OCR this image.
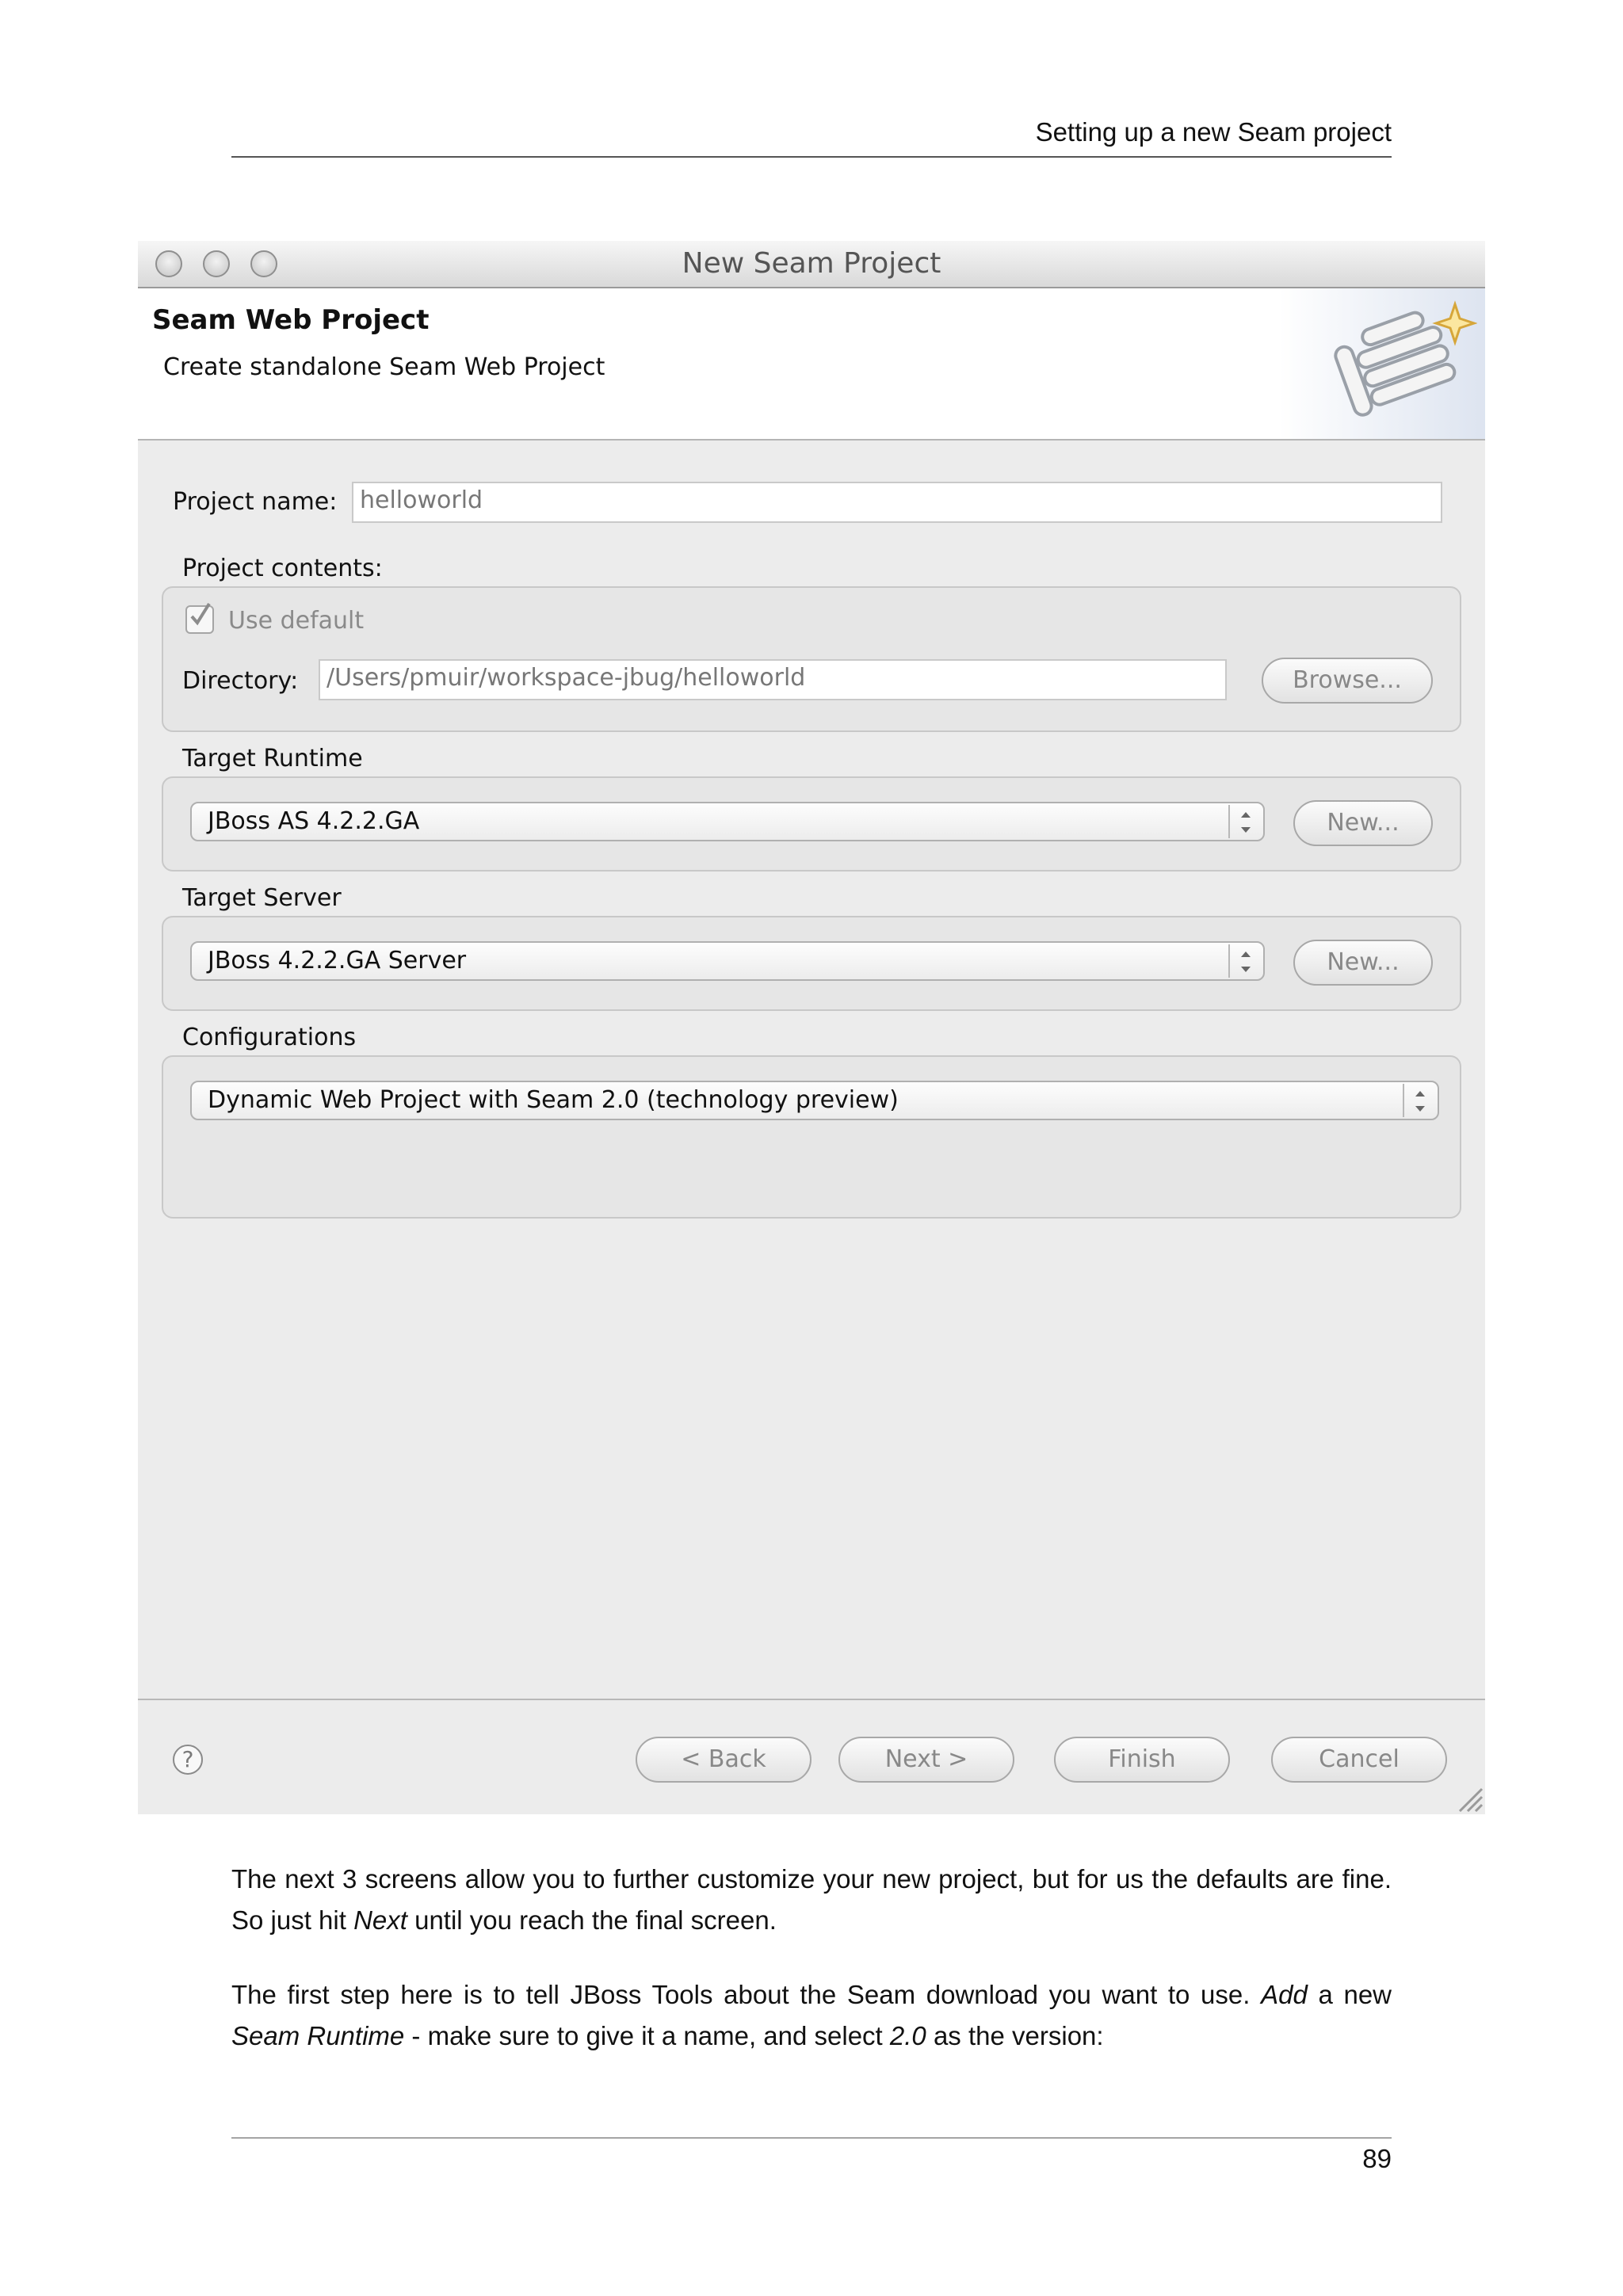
Setting up a new Seam project
New Seam Project
Seam Web Project
Create standalone Seam Web Project
Project name: helloworld
Project contents:
Use default
Directory:	/Users/pmuir/workspace-jbug/helloworld	Browse...
Target Runtime
JBoss AS 4.2.2.GA	New...
Target Server
JBoss 4.2.2.GA Server	New...
Configurations
Dynamic Web Project with Seam 2.0 (technology preview)
?	< Back	Next >	Finish	Cancel
The next 3 screens allow you to further customize your new project, but for us the defaults are fine. So just hit Next until you reach the final screen.
The first step here is to tell JBoss Tools about the Seam download you want to use. Add a new Seam Runtime - make sure to give it a name, and select 2.0 as the version:
89
